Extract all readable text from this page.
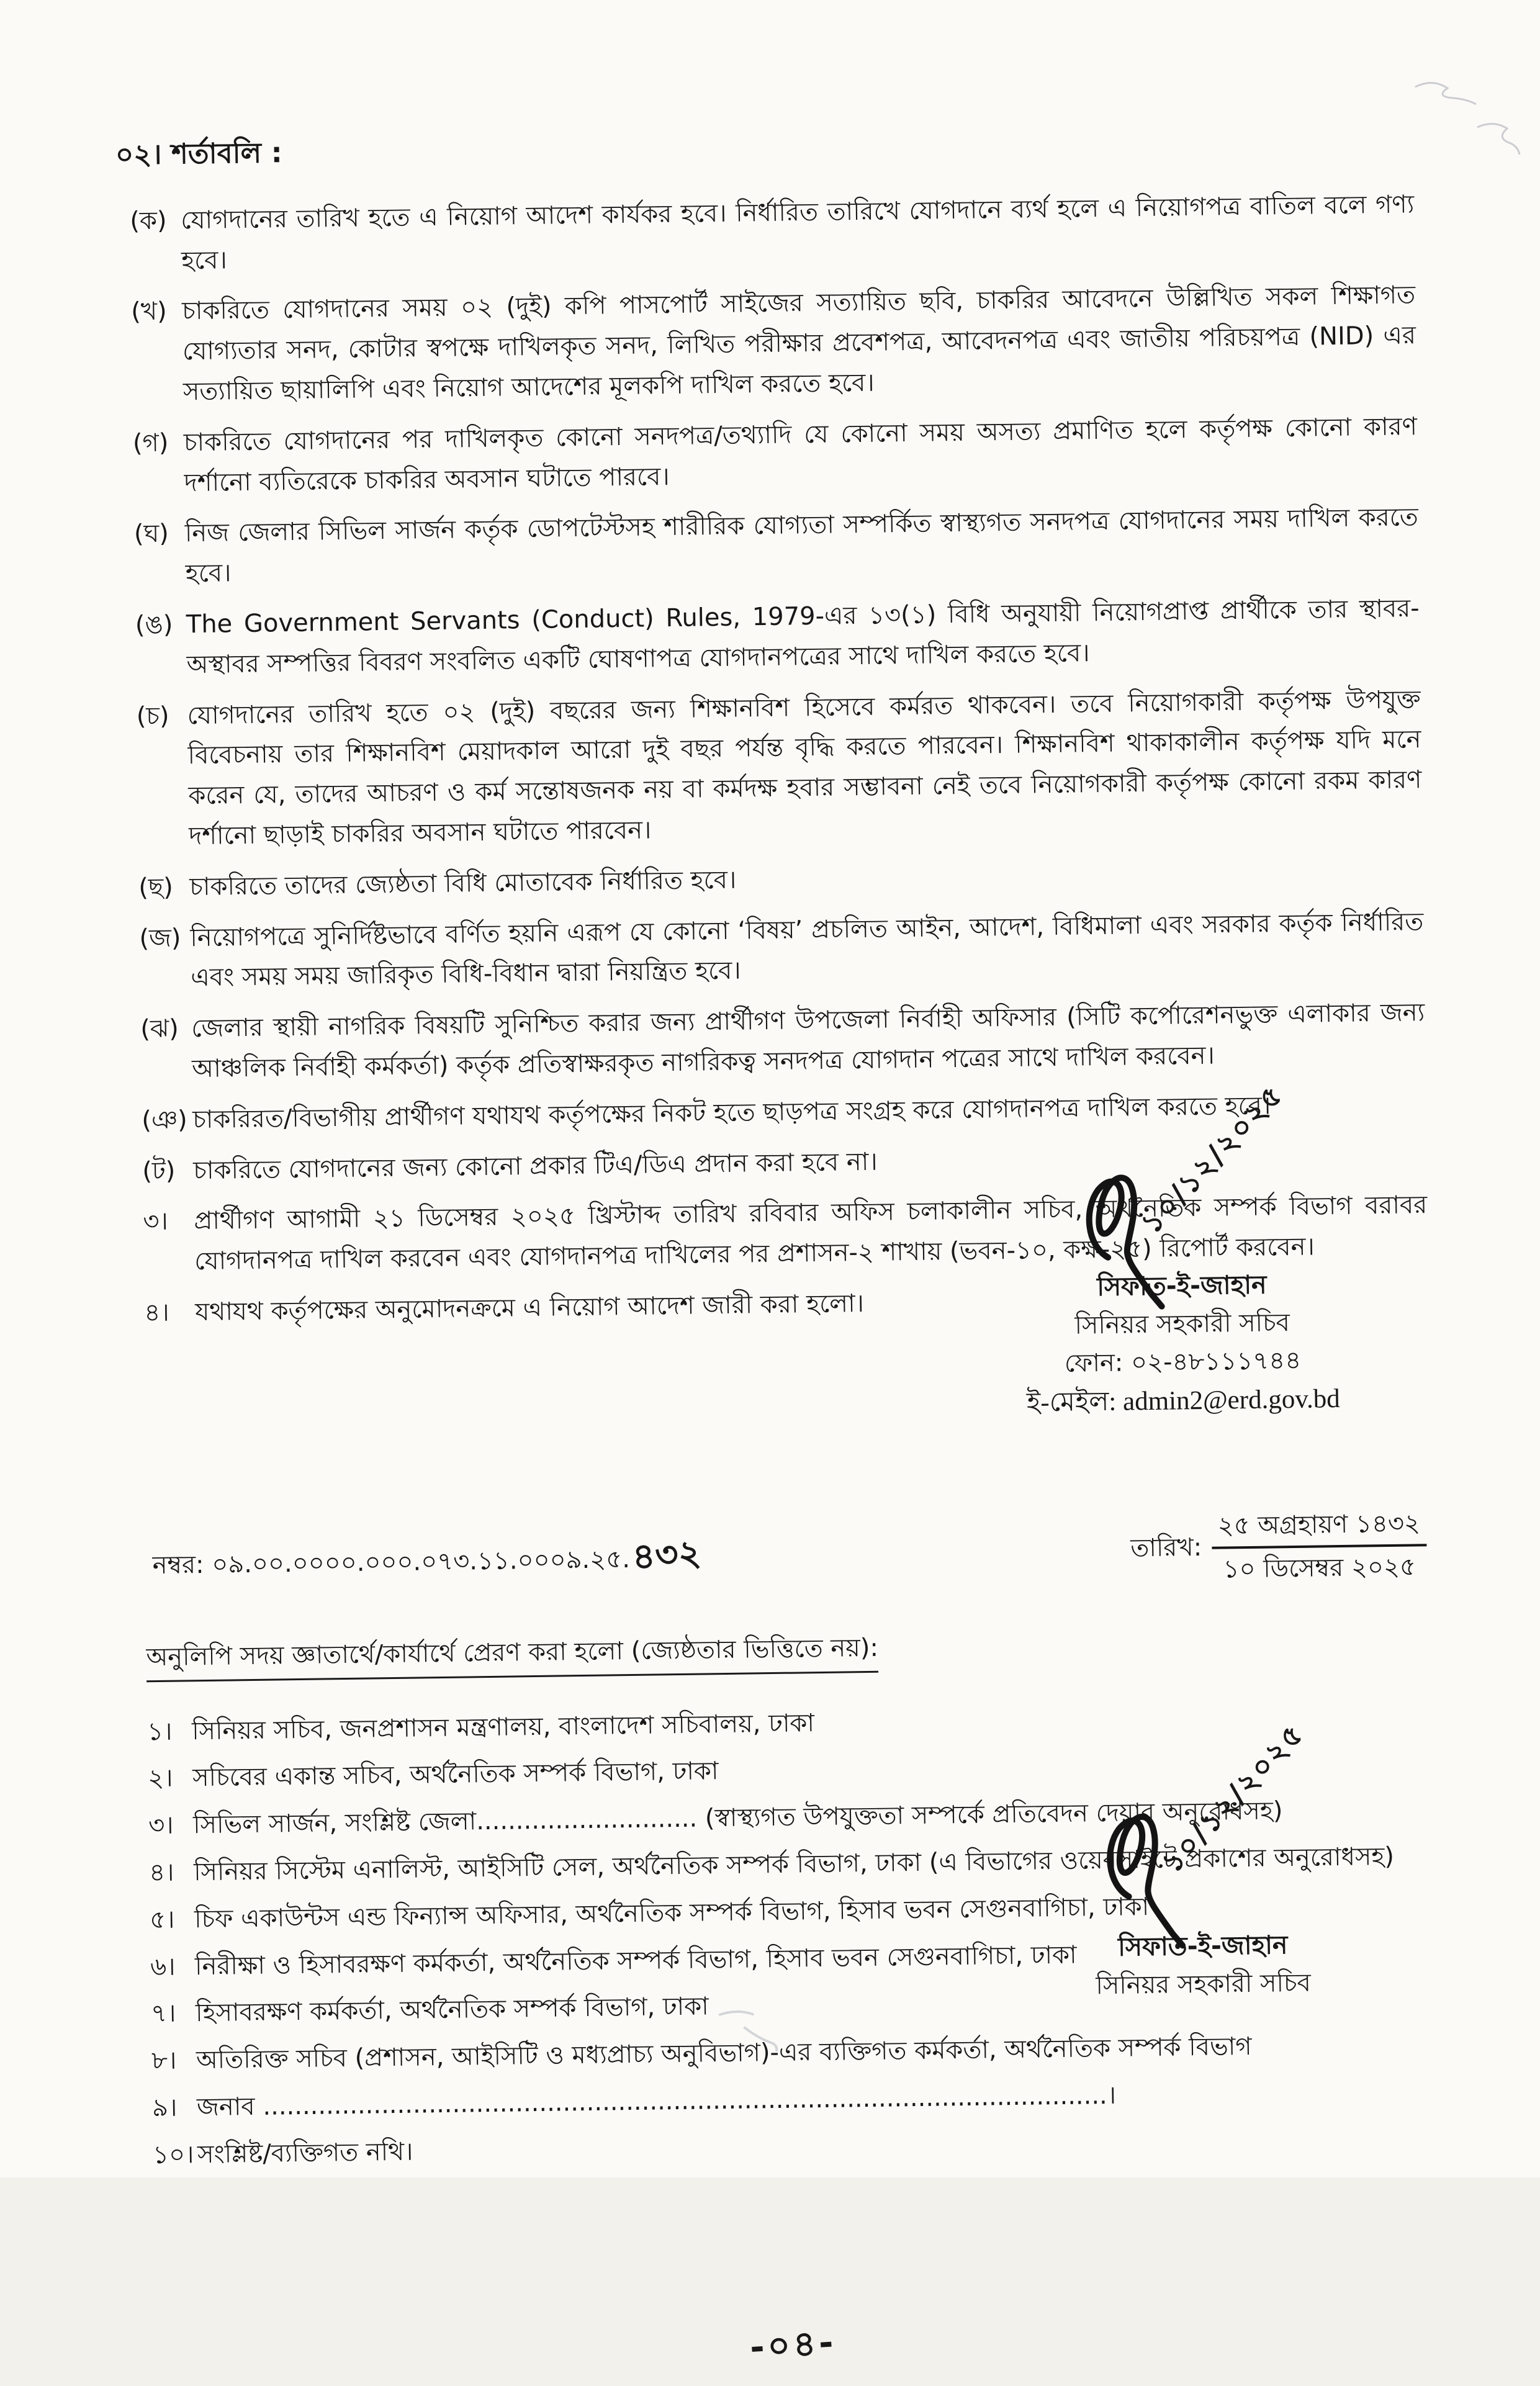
০২। শর্তাবলি :
(ক) যোগদানের তারিখ হতে এ নিয়োগ আদেশ কার্যকর হবে। নির্ধারিত তারিখে যোগদানে ব্যর্থ হলে এ নিয়োগপত্র বাতিল বলে গণ্য হবে।
(খ) চাকরিতে যোগদানের সময় ০২ (দুই) কপি পাসপোর্ট সাইজের সত্যায়িত ছবি, চাকরির আবেদনে উল্লিখিত সকল শিক্ষাগত যোগ্যতার সনদ, কোটার স্বপক্ষে দাখিলকৃত সনদ, লিখিত পরীক্ষার প্রবেশপত্র, আবেদনপত্র এবং জাতীয় পরিচয়পত্র (NID) এর সত্যায়িত ছায়ালিপি এবং নিয়োগ আদেশের মূলকপি দাখিল করতে হবে।
(গ) চাকরিতে যোগদানের পর দাখিলকৃত কোনো সনদপত্র/তথ্যাদি যে কোনো সময় অসত্য প্রমাণিত হলে কর্তৃপক্ষ কোনো কারণ দর্শানো ব্যতিরেকে চাকরির অবসান ঘটাতে পারবে।
(ঘ) নিজ জেলার সিভিল সার্জন কর্তৃক ডোপটেস্টসহ শারীরিক যোগ্যতা সম্পর্কিত স্বাস্থ্যগত সনদপত্র যোগদানের সময় দাখিল করতে হবে।
(ঙ) The Government Servants (Conduct) Rules, 1979-এর ১৩(১) বিধি অনুযায়ী নিয়োগপ্রাপ্ত প্রার্থীকে তার স্থাবর-অস্থাবর সম্পত্তির বিবরণ সংবলিত একটি ঘোষণাপত্র যোগদানপত্রের সাথে দাখিল করতে হবে।
(চ) যোগদানের তারিখ হতে ০২ (দুই) বছরের জন্য শিক্ষানবিশ হিসেবে কর্মরত থাকবেন। তবে নিয়োগকারী কর্তৃপক্ষ উপযুক্ত বিবেচনায় তার শিক্ষানবিশ মেয়াদকাল আরো দুই বছর পর্যন্ত বৃদ্ধি করতে পারবেন। শিক্ষানবিশ থাকাকালীন কর্তৃপক্ষ যদি মনে করেন যে, তাদের আচরণ ও কর্ম সন্তোষজনক নয় বা কর্মদক্ষ হবার সম্ভাবনা নেই তবে নিয়োগকারী কর্তৃপক্ষ কোনো রকম কারণ দর্শানো ছাড়াই চাকরির অবসান ঘটাতে পারবেন।
(ছ) চাকরিতে তাদের জ্যেষ্ঠতা বিধি মোতাবেক নির্ধারিত হবে।
(জ) নিয়োগপত্রে সুনির্দিষ্টভাবে বর্ণিত হয়নি এরূপ যে কোনো ‘বিষয়’ প্রচলিত আইন, আদেশ, বিধিমালা এবং সরকার কর্তৃক নির্ধারিত এবং সময় সময় জারিকৃত বিধি-বিধান দ্বারা নিয়ন্ত্রিত হবে।
(ঝ) জেলার স্থায়ী নাগরিক বিষয়টি সুনিশ্চিত করার জন্য প্রার্থীগণ উপজেলা নির্বাহী অফিসার (সিটি কর্পোরেশনভুক্ত এলাকার জন্য আঞ্চলিক নির্বাহী কর্মকর্তা) কর্তৃক প্রতিস্বাক্ষরকৃত নাগরিকত্ব সনদপত্র যোগদান পত্রের সাথে দাখিল করবেন।
(ঞ) চাকরিরত/বিভাগীয় প্রার্থীগণ যথাযথ কর্তৃপক্ষের নিকট হতে ছাড়পত্র সংগ্রহ করে যোগদানপত্র দাখিল করতে হবে।
(ট) চাকরিতে যোগদানের জন্য কোনো প্রকার টিএ/ডিএ প্রদান করা হবে না।
৩।	প্রার্থীগণ আগামী ২১ ডিসেম্বর ২০২৫ খ্রিস্টাব্দ তারিখ রবিবার অফিস চলাকালীন সচিব, অর্থনৈতিক সম্পর্ক বিভাগ বরাবর যোগদানপত্র দাখিল করবেন এবং যোগদানপত্র দাখিলের পর প্রশাসন-২ শাখায় (ভবন-১০, কক্ষ-২৫) রিপোর্ট করবেন।
৪।	যথাযথ কর্তৃপক্ষের অনুমোদনক্রমে এ নিয়োগ আদেশ জারী করা হলো।
১০/১২/২০২৫
সিফাত-ই-জাহান
সিনিয়র সহকারী সচিব
ফোন: ০২-৪৮১১১৭৪৪
ই-মেইল: admin2@erd.gov.bd
নম্বর: ০৯.০০.০০০০.০০০.০৭৩.১১.০০০৯.২৫.৪৩২	তারিখ: $\frac{\text{২৫ অগ্রহায়ণ ১৪৩২}}{\text{১০ ডিসেম্বর ২০২৫}}$
অনুলিপি সদয় জ্ঞাতার্থে/কার্যার্থে প্রেরণ করা হলো (জ্যেষ্ঠতার ভিত্তিতে নয়):
১। সিনিয়র সচিব, জনপ্রশাসন মন্ত্রণালয়, বাংলাদেশ সচিবালয়, ঢাকা
২। সচিবের একান্ত সচিব, অর্থনৈতিক সম্পর্ক বিভাগ, ঢাকা
৩। সিভিল সার্জন, সংশ্লিষ্ট জেলা............................ (স্বাস্থ্যগত উপযুক্ততা সম্পর্কে প্রতিবেদন দেয়ার অনুরোধসহ)
৪। সিনিয়র সিস্টেম এনালিস্ট, আইসিটি সেল, অর্থনৈতিক সম্পর্ক বিভাগ, ঢাকা (এ বিভাগের ওয়েবসাইটে প্রকাশের অনুরোধসহ)
৫। চিফ একাউন্টস এন্ড ফিন্যান্স অফিসার, অর্থনৈতিক সম্পর্ক বিভাগ, হিসাব ভবন সেগুনবাগিচা, ঢাকা
৬। নিরীক্ষা ও হিসাবরক্ষণ কর্মকর্তা, অর্থনৈতিক সম্পর্ক বিভাগ, হিসাব ভবন সেগুনবাগিচা, ঢাকা
৭। হিসাবরক্ষণ কর্মকর্তা, অর্থনৈতিক সম্পর্ক বিভাগ, ঢাকা
৮। অতিরিক্ত সচিব (প্রশাসন, আইসিটি ও মধ্যপ্রাচ্য অনুবিভাগ)-এর ব্যক্তিগত কর্মকর্তা, অর্থনৈতিক সম্পর্ক বিভাগ
৯। জনাব ...........................................................................................................।
১০। সংশ্লিষ্ট/ব্যক্তিগত নথি।
১০/১২/২০২৫
সিফাত-ই-জাহান
সিনিয়র সহকারী সচিব
-০৪-
